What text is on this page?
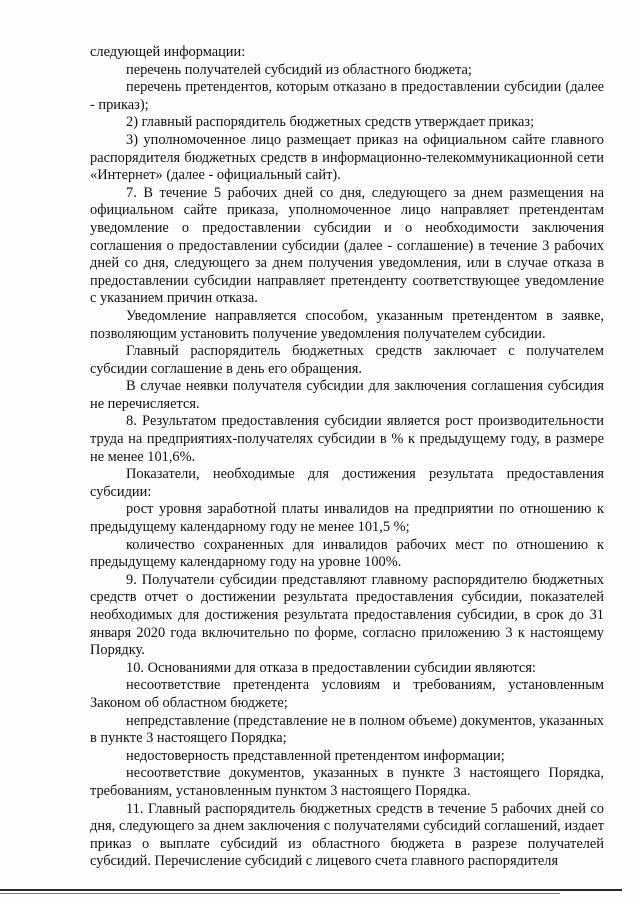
следующей информации:

перечень получателей субсидий из областного бюджета;

перечень претендентов, которым отказано в предоставлении субсидии (далее - приказ);

2) главный распорядитель бюджетных средств утверждает приказ;

3) уполномоченное лицо размещает приказ на официальном сайте главного распорядителя бюджетных средств в информационно-телекоммуникационной сети «Интернет» (далее - официальный сайт).

7. В течение 5 рабочих дней со дня, следующего за днем размещения на официальном сайте приказа, уполномоченное лицо направляет претендентам уведомление о предоставлении субсидии и о необходимости заключения соглашения о предоставлении субсидии (далее - соглашение) в течение 3 рабочих дней со дня, следующего за днем получения уведомления, или в случае отказа в предоставлении субсидии направляет претенденту соответствующее уведомление с указанием причин отказа.

Уведомление направляется способом, указанным претендентом в заявке, позволяющим установить получение уведомления получателем субсидии.

Главный распорядитель бюджетных средств заключает с получателем субсидии соглашение в день его обращения.

В случае неявки получателя субсидии для заключения соглашения субсидия не перечисляется.

8. Результатом предоставления субсидии является рост производительности труда на предприятиях-получателях субсидии в % к предыдущему году, в размере не менее 101,6%.

Показатели, необходимые для достижения результата предоставления субсидии:

рост уровня заработной платы инвалидов на предприятии по отношению к предыдущему календарному году не менее 101,5 %;

количество сохраненных для инвалидов рабочих мест по отношению к предыдущему календарному году на уровне 100%.

9. Получатели субсидии представляют главному распорядителю бюджетных средств отчет о достижении результата предоставления субсидии, показателей необходимых для достижения результата предоставления субсидии, в срок до 31 января 2020 года включительно по форме, согласно приложению 3 к настоящему Порядку.

10. Основаниями для отказа в предоставлении субсидии являются:

несоответствие претендента условиям и требованиям, установленным Законом об областном бюджете;

непредставление (представление не в полном объеме) документов, указанных в пункте 3 настоящего Порядка;

недостоверность представленной претендентом информации;

несоответствие документов, указанных в пункте 3 настоящего Порядка, требованиям, установленным пунктом 3 настоящего Порядка.

11. Главный распорядитель бюджетных средств в течение 5 рабочих дней со дня, следующего за днем заключения с получателями субсидий соглашений, издает приказ о выплате субсидий из областного бюджета в разрезе получателей субсидий. Перечисление субсидий с лицевого счета главного распорядителя
